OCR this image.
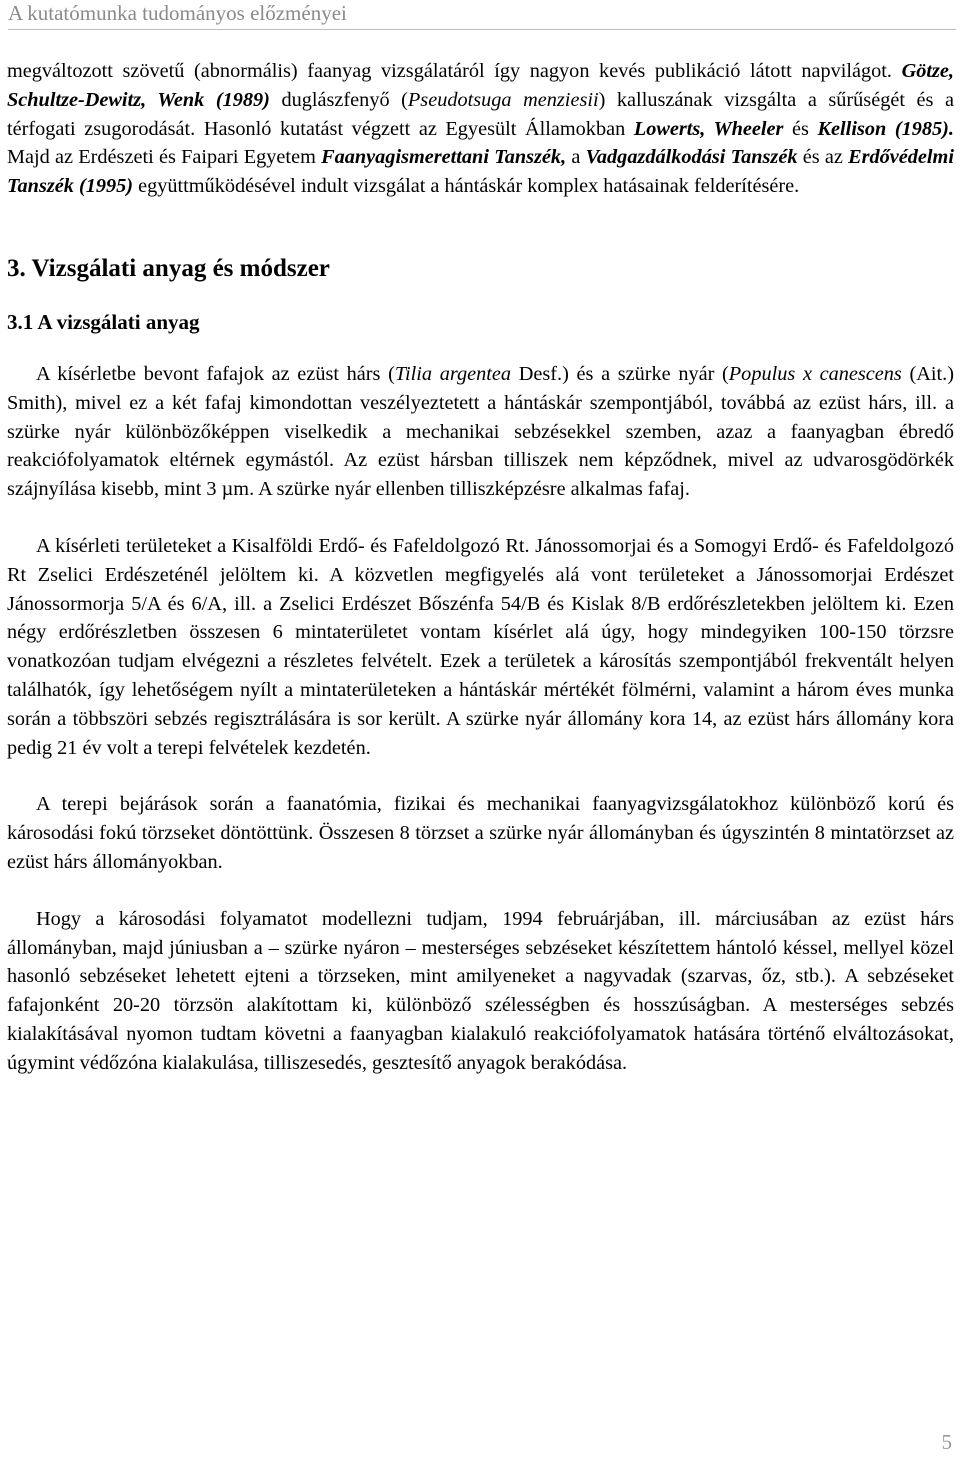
A kutatómunka tudományos előzményei

megváltozott szövetű (abnormális) faanyag vizsgálatáról így nagyon kevés publikáció látott napvilágot. Götze, Schultze-Dewitz, Wenk (1989) duglászfenyő (Pseudotsuga menziesii) kalluszának vizsgálta a sűrűségét és a térfogati zsugorodását. Hasonló kutatást végzett az Egyesült Államokban Lowerts, Wheeler és Kellison (1985). Majd az Erdészeti és Faipari Egyetem Faanyagismerettani Tanszék, a Vadgazdálkodási Tanszék és az Erdővédelmi Tanszék (1995) együttműködésével indult vizsgálat a hántáskár komplex hatásainak felderítésére.

3. Vizsgálati anyag és módszer
3.1 A vizsgálati anyag

A kísérletbe bevont fafajok az ezüst hárs (Tilia argentea Desf.) és a szürke nyár (Populus x canescens (Ait.) Smith), mivel ez a két fafaj kimondottan veszélyeztetett a hántáskár szempontjából, továbbá az ezüst hárs, ill. a szürke nyár különbözőképpen viselkedik a mechanikai sebzésekkel szemben, azaz a faanyagban ébredő reakciófolyamatok eltérnek egymástól. Az ezüst hársban tilliszek nem képződnek, mivel az udvarosgödörkék szájnyílása kisebb, mint 3 µm. A szürke nyár ellenben tilliszképzésre alkalmas fafaj.

A kísérleti területeket a Kisalföldi Erdő- és Fafeldolgozó Rt. Jánossomorjai és a Somogyi Erdő- és Fafeldolgozó Rt Zselici Erdészeténél jelöltem ki. A közvetlen megfigyelés alá vont területeket a Jánossomorjai Erdészet Jánossormorja 5/A és 6/A, ill. a Zselici Erdészet Bőszénfa 54/B és Kislak 8/B erdőrészletekben jelöltem ki. Ezen négy erdőrészletben összesen 6 mintaterületet vontam kísérlet alá úgy, hogy mindegyiken 100-150 törzsre vonatkozóan tudjam elvégezni a részletes felvételt. Ezek a területek a károsítás szempontjából frekventált helyen találhatók, így lehetőségem nyílt a mintaterületeken a hántáskár mértékét fölmérni, valamint a három éves munka során a többszöri sebzés regisztrálására is sor került. A szürke nyár állomány kora 14, az ezüst hárs állomány kora pedig 21 év volt a terepi felvételek kezdetén.

A terepi bejárások során a faanatómia, fizikai és mechanikai faanyagvizsgálatokhoz különböző korú és károsodási fokú törzseket döntöttünk. Összesen 8 törzset a szürke nyár állományban és úgyszintén 8 mintatörzset az ezüst hárs állományokban.

Hogy a károsodási folyamatot modellezni tudjam, 1994 februárjában, ill. márciusában az ezüst hárs állományban, majd júniusban a – szürke nyáron – mesterséges sebzéseket készítettem hántoló késsel, mellyel közel hasonló sebzéseket lehetett ejteni a törzseken, mint amilyeneket a nagyvadak (szarvas, őz, stb.). A sebzéseket fafajonként 20-20 törzsön alakítottam ki, különböző szélességben és hosszúságban. A mesterséges sebzés kialakításával nyomon tudtam követni a faanyagban kialakuló reakciófolyamatok hatására történő elváltozásokat, úgymint védőzóna kialakulása, tilliszesedés, gesztesítő anyagok berakódása.

5
